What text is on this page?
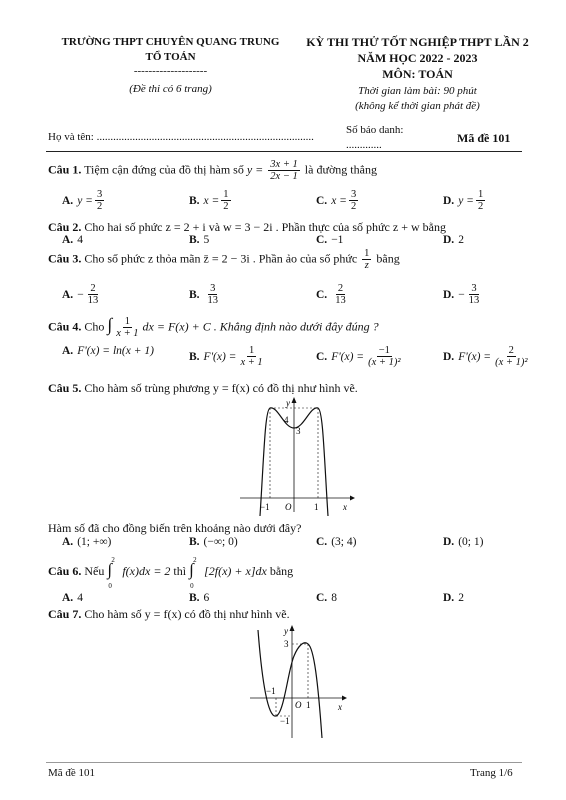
TRƯỜNG THPT CHUYÊN QUANG TRUNG
TỔ TOÁN
--------------------
(Đề thi có 6 trang)
KỲ THI THỬ TỐT NGHIỆP THPT LẦN 2
NĂM HỌC 2022 - 2023
MÔN: TOÁN
Thời gian làm bài: 90 phút
(không kể thời gian phát đề)
Họ và tên: ...............................................................................
Số báo danh:
.............	Mã đề 101
Câu 1. Tiệm cận đứng của đồ thị hàm số $y = \frac{3x + 1}{2x - 1}$ là đường thẳng
A. $y = \frac{3}{2}$	B. $x = \frac{1}{2}$	C. $x = \frac{3}{2}$	D. $y = \frac{1}{2}$
Câu 2. Cho hai số phức z = 2 + i và w = 3 − 2i . Phần thực của số phức z + w bằng
A. 4	B. 5	C. −1	D. 2
Câu 3. Cho số phức z thỏa mãn z̄ = 2 − 3i . Phần ảo của số phức $\frac{1}{z}$ bằng
A. − $\frac{2}{13}$	B. $\frac{3}{13}$	C. $\frac{2}{13}$	D. − $\frac{3}{13}$
Câu 4. Cho ∫ $\frac{1}{x + 1}$ dx = F(x) + C . Khẳng định nào dưới đây đúng ?
A. F'(x) = ln(x + 1)	B. $F'(x) = \frac{1}{x + 1}$	C. $F'(x) = \frac{-1}{\text{(x + 1)²}}$	D. $F'(x) = \frac{2}{\text{(x + 1)²}}$
Câu 5. Cho hàm số trùng phương y = f(x) có đồ thị như hình vẽ.
y
x
4
3
−1 O	1
Hàm số đã cho đồng biến trên khoảng nào dưới đây?
A. (1; +∞)	B. (−∞; 0)	C. (3; 4)	D. (0; 1)
Câu 6. Nếu
2
∫
0
f(x)dx = 2 thì
2
∫
0
[2f(x) + x]dx bằng
A. 4	B. 6	C. 8	D. 2
Câu 7. Cho hàm số y = f(x) có đồ thị như hình vẽ.
y
x
3
−1
O 1
−1
Mã đề 101	Trang 1/6
